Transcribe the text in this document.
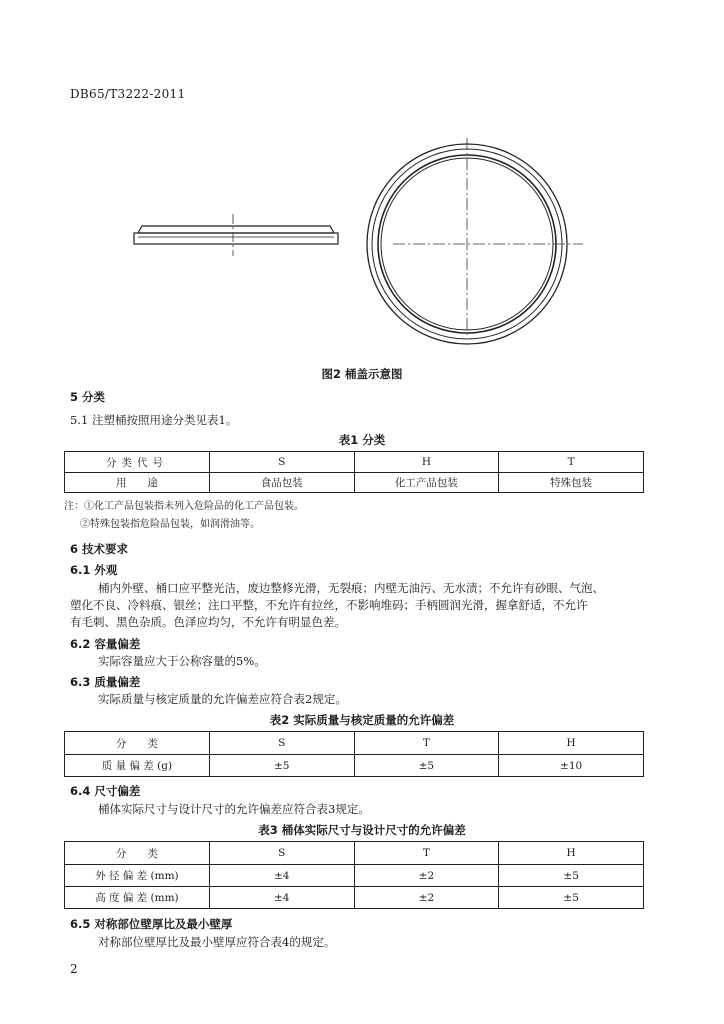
DB65/T3222-2011
图2 桶盖示意图
5 分类
5.1 注塑桶按照用途分类见表1。
表1 分类
分类代号	S	H	T
用　　途	食品包装	化工产品包装	特殊包装
注：①化工产品包装指未列入危险品的化工产品包装。
②特殊包装指危险品包装，如润滑油等。
6 技术要求
6.1 外观
桶内外壁、桶口应平整光洁，废边整修光滑，无裂痕；内壁无油污、无水渍；不允许有砂眼、气泡、
塑化不良、冷料痕、银丝；注口平整，不允许有拉丝，不影响堆码；手柄圆润光滑，握拿舒适，不允许
有毛刺、黑色杂质。色泽应均匀，不允许有明显色差。
6.2 容量偏差
实际容量应大于公称容量的5%。
6.3 质量偏差
实际质量与核定质量的允许偏差应符合表2规定。
表2 实际质量与核定质量的允许偏差
分　　类	S	T	H
质 量 偏 差 (g)	±5	±5	±10
6.4 尺寸偏差
桶体实际尺寸与设计尺寸的允许偏差应符合表3规定。
表3 桶体实际尺寸与设计尺寸的允许偏差
分　　类	S	T	H
外 径 偏 差 (mm)	±4	±2	±5
高 度 偏 差 (mm)	±4	±2	±5
6.5 对称部位壁厚比及最小壁厚
对称部位壁厚比及最小壁厚应符合表4的规定。
2
